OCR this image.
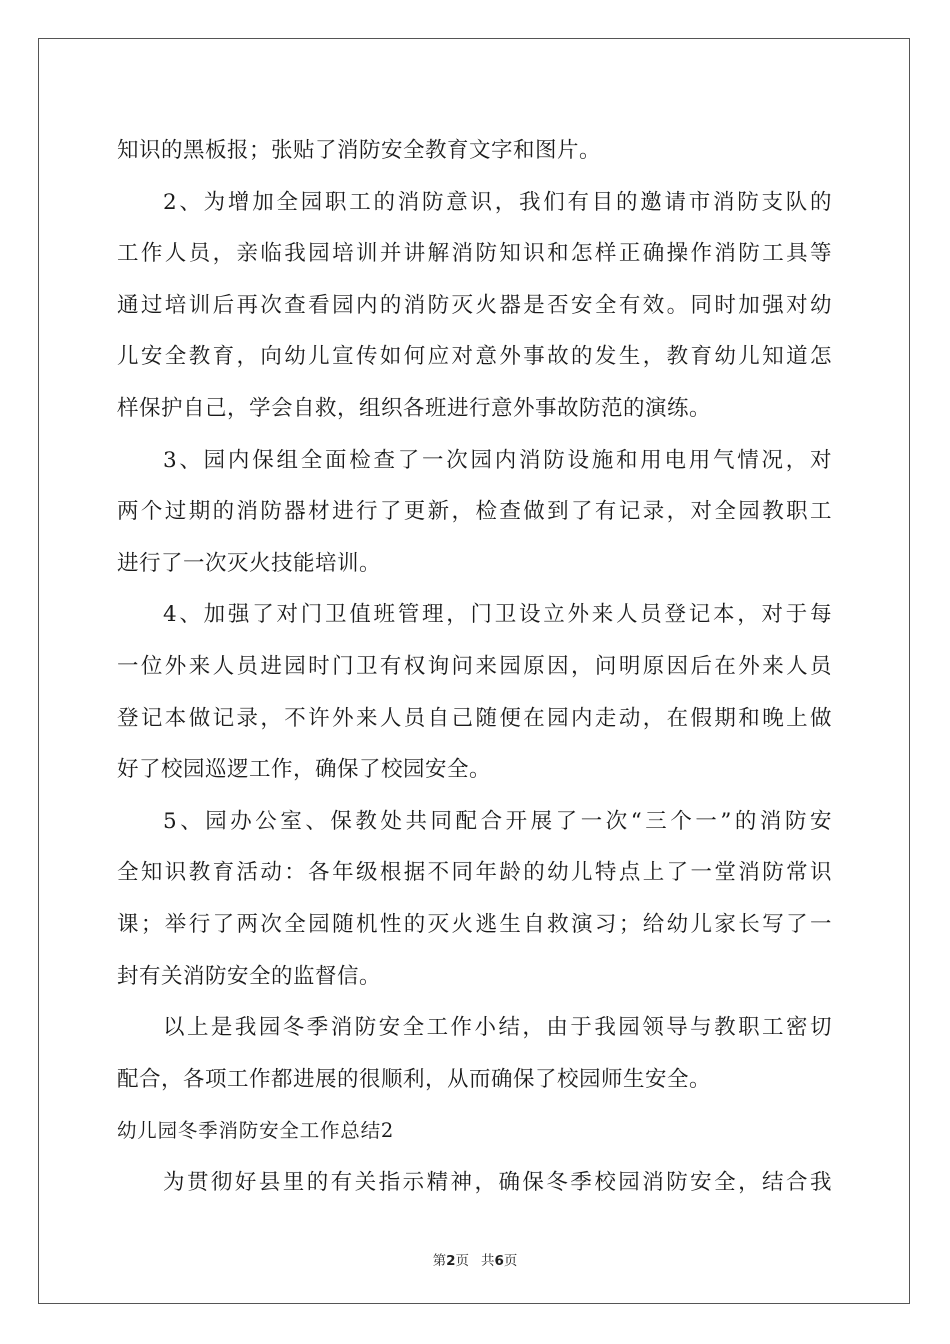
知识的黑板报；张贴了消防安全教育文字和图片。
2、为增加全园职工的消防意识，我们有目的邀请市消防支队的
工作人员，亲临我园培训并讲解消防知识和怎样正确操作消防工具等
通过培训后再次查看园内的消防灭火器是否安全有效。同时加强对幼
儿安全教育，向幼儿宣传如何应对意外事故的发生，教育幼儿知道怎
样保护自己，学会自救，组织各班进行意外事故防范的演练。
3、园内保组全面检查了一次园内消防设施和用电用气情况，对
两个过期的消防器材进行了更新，检查做到了有记录，对全园教职工
进行了一次灭火技能培训。
4、加强了对门卫值班管理，门卫设立外来人员登记本，对于每
一位外来人员进园时门卫有权询问来园原因，问明原因后在外来人员
登记本做记录，不许外来人员自己随便在园内走动，在假期和晚上做
好了校园巡逻工作，确保了校园安全。
5、园办公室、保教处共同配合开展了一次“三个一”的消防安
全知识教育活动：各年级根据不同年龄的幼儿特点上了一堂消防常识
课；举行了两次全园随机性的灭火逃生自救演习；给幼儿家长写了一
封有关消防安全的监督信。
以上是我园冬季消防安全工作小结，由于我园领导与教职工密切
配合，各项工作都进展的很顺利，从而确保了校园师生安全。
幼儿园冬季消防安全工作总结2
为贯彻好县里的有关指示精神，确保冬季校园消防安全，结合我
第2页 共6页
